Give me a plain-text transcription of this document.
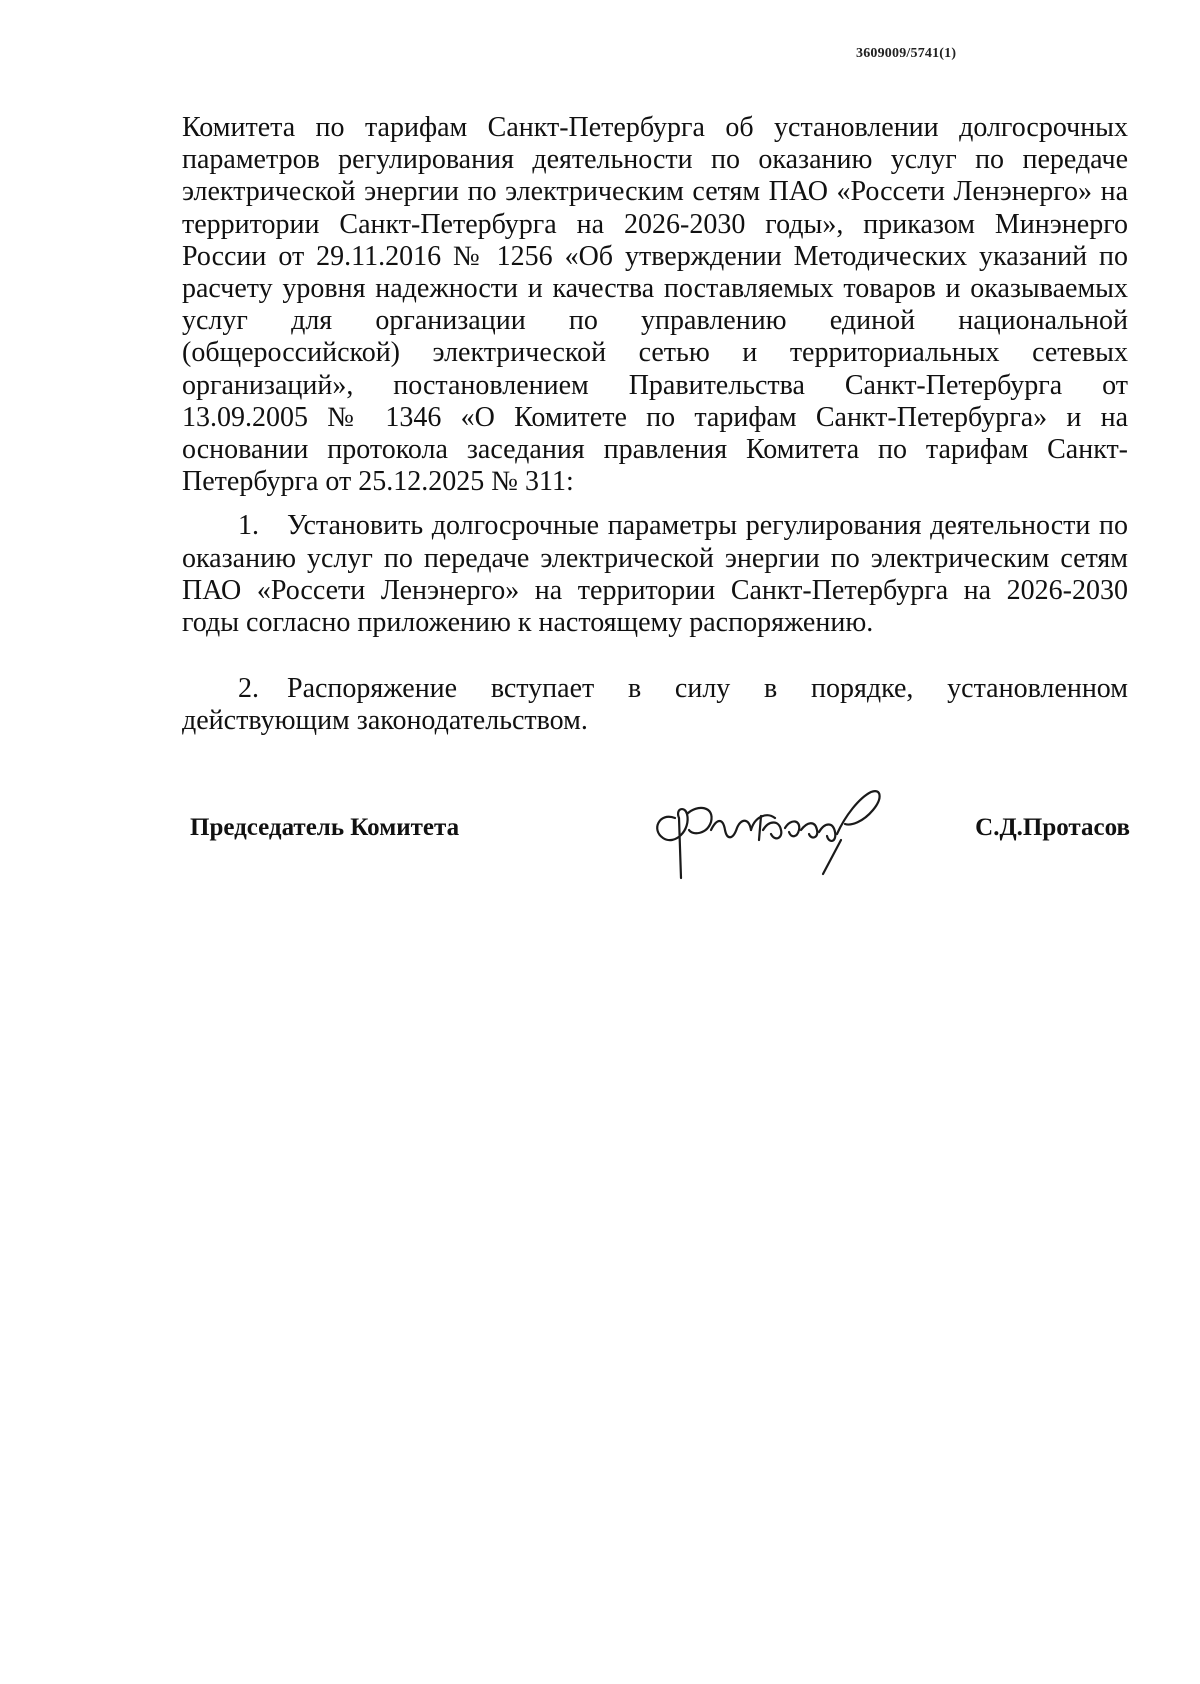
3609009/5741(1)

Комитета по тарифам Санкт-Петербурга об установлении долгосрочных параметров регулирования деятельности по оказанию услуг по передаче электрической энергии по электрическим сетям ПАО «Россети Ленэнерго» на территории Санкт-Петербурга на 2026-2030 годы», приказом Минэнерго России от 29.11.2016 № 1256 «Об утверждении Методических указаний по расчету уровня надежности и качества поставляемых товаров и оказываемых услуг для организации по управлению единой национальной (общероссийской) электрической сетью и территориальных сетевых организаций», постановлением Правительства Санкт-Петербурга от 13.09.2005 № 1346 «О Комитете по тарифам Санкт-Петербурга» и на основании протокола заседания правления Комитета по тарифам Санкт-Петербурга от 25.12.2025 № 311:

1. Установить долгосрочные параметры регулирования деятельности по оказанию услуг по передаче электрической энергии по электрическим сетям ПАО «Россети Ленэнерго» на территории Санкт-Петербурга на 2026-2030 годы согласно приложению к настоящему распоряжению.

2. Распоряжение вступает в силу в порядке, установленном действующим законодательством.

Председатель Комитета	С.Д.Протасов
